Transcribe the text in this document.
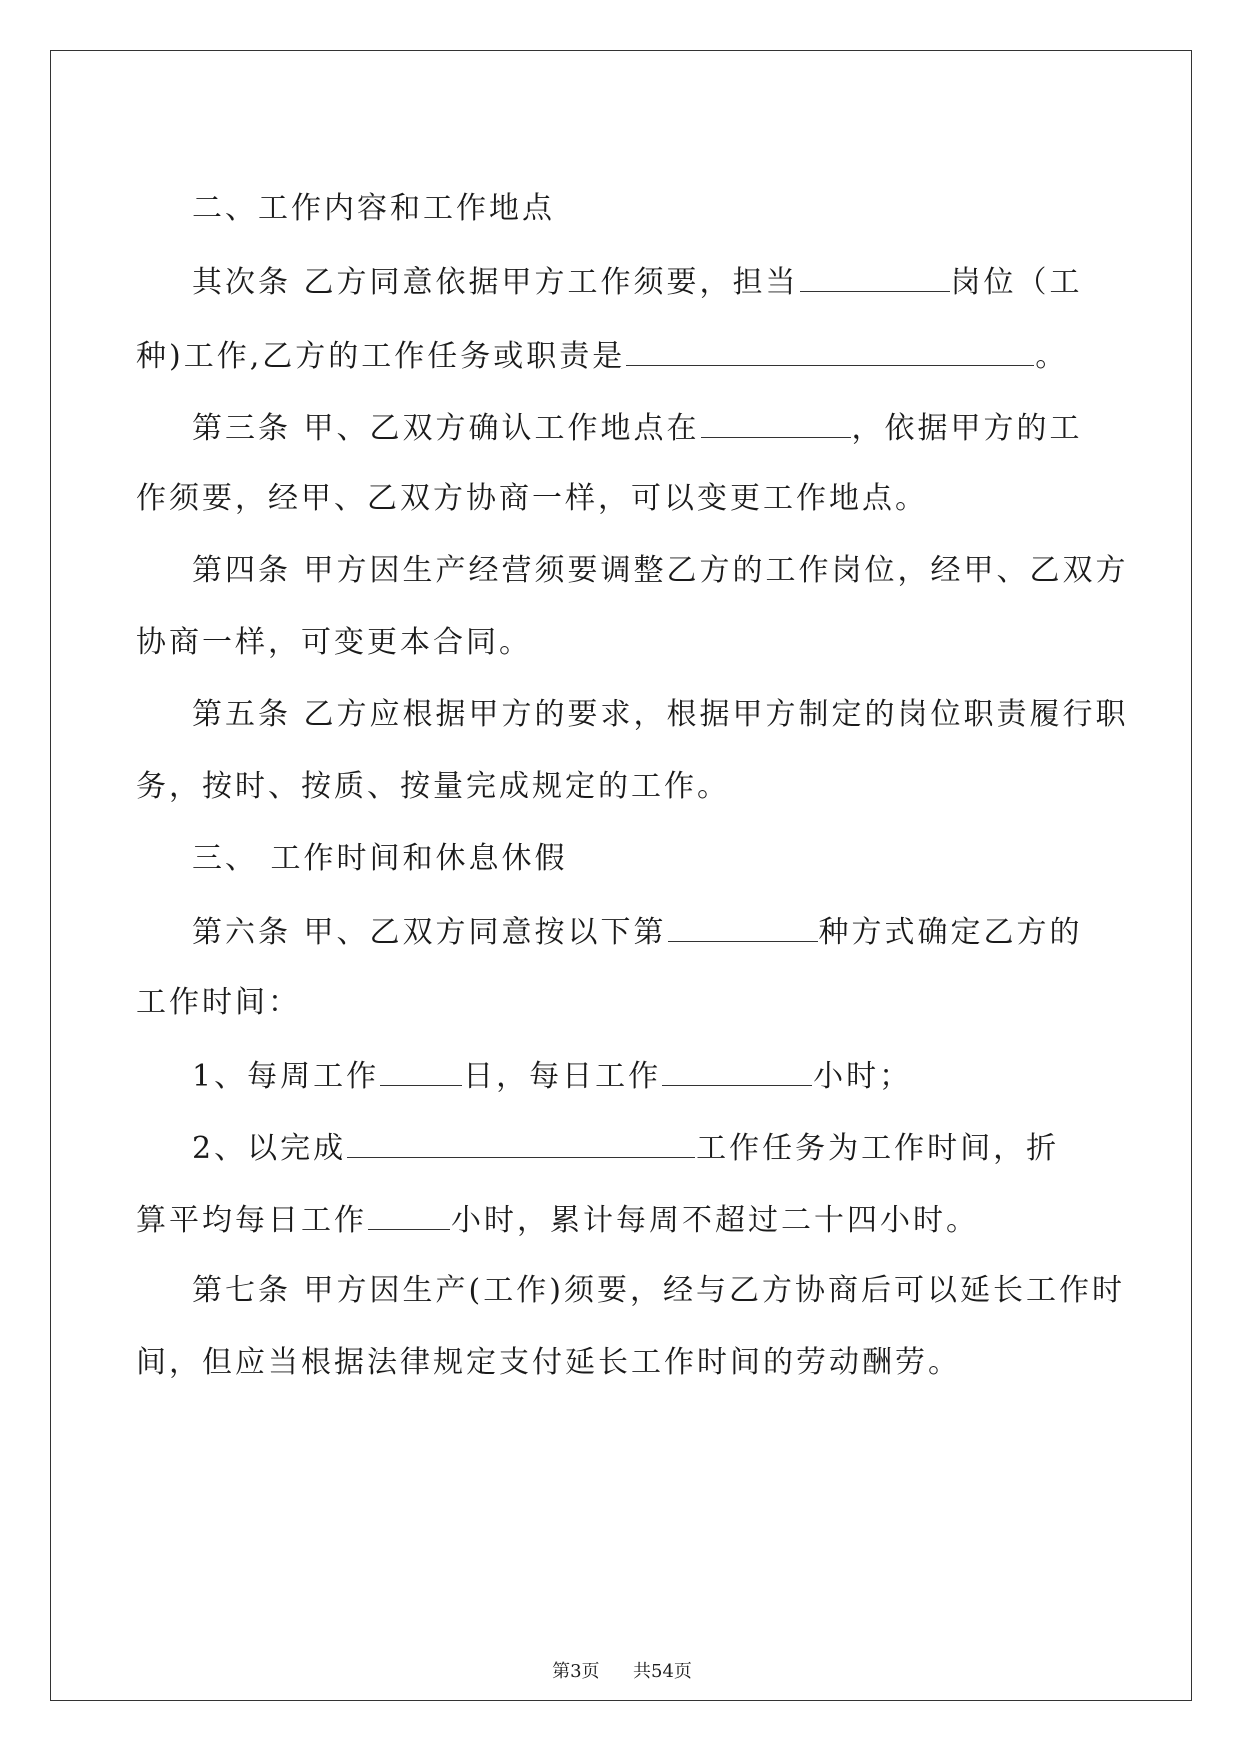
二、工作内容和工作地点
其次条 乙方同意依据甲方工作须要，担当	岗位（工
种)工作,乙方的工作任务或职责是	。
第三条 甲、乙双方确认工作地点在	，依据甲方的工
作须要，经甲、乙双方协商一样，可以变更工作地点。
第四条 甲方因生产经营须要调整乙方的工作岗位，经甲、乙双方
协商一样，可变更本合同。
第五条 乙方应根据甲方的要求，根据甲方制定的岗位职责履行职
务，按时、按质、按量完成规定的工作。
三、 工作时间和休息休假
第六条 甲、乙双方同意按以下第	种方式确定乙方的
工作时间：
1、每周工作	日，每日工作	小时；
2、以完成	工作任务为工作时间，折
算平均每日工作	小时，累计每周不超过二十四小时。
第七条 甲方因生产(工作)须要，经与乙方协商后可以延长工作时
间，但应当根据法律规定支付延长工作时间的劳动酬劳。
第3页 共54页
